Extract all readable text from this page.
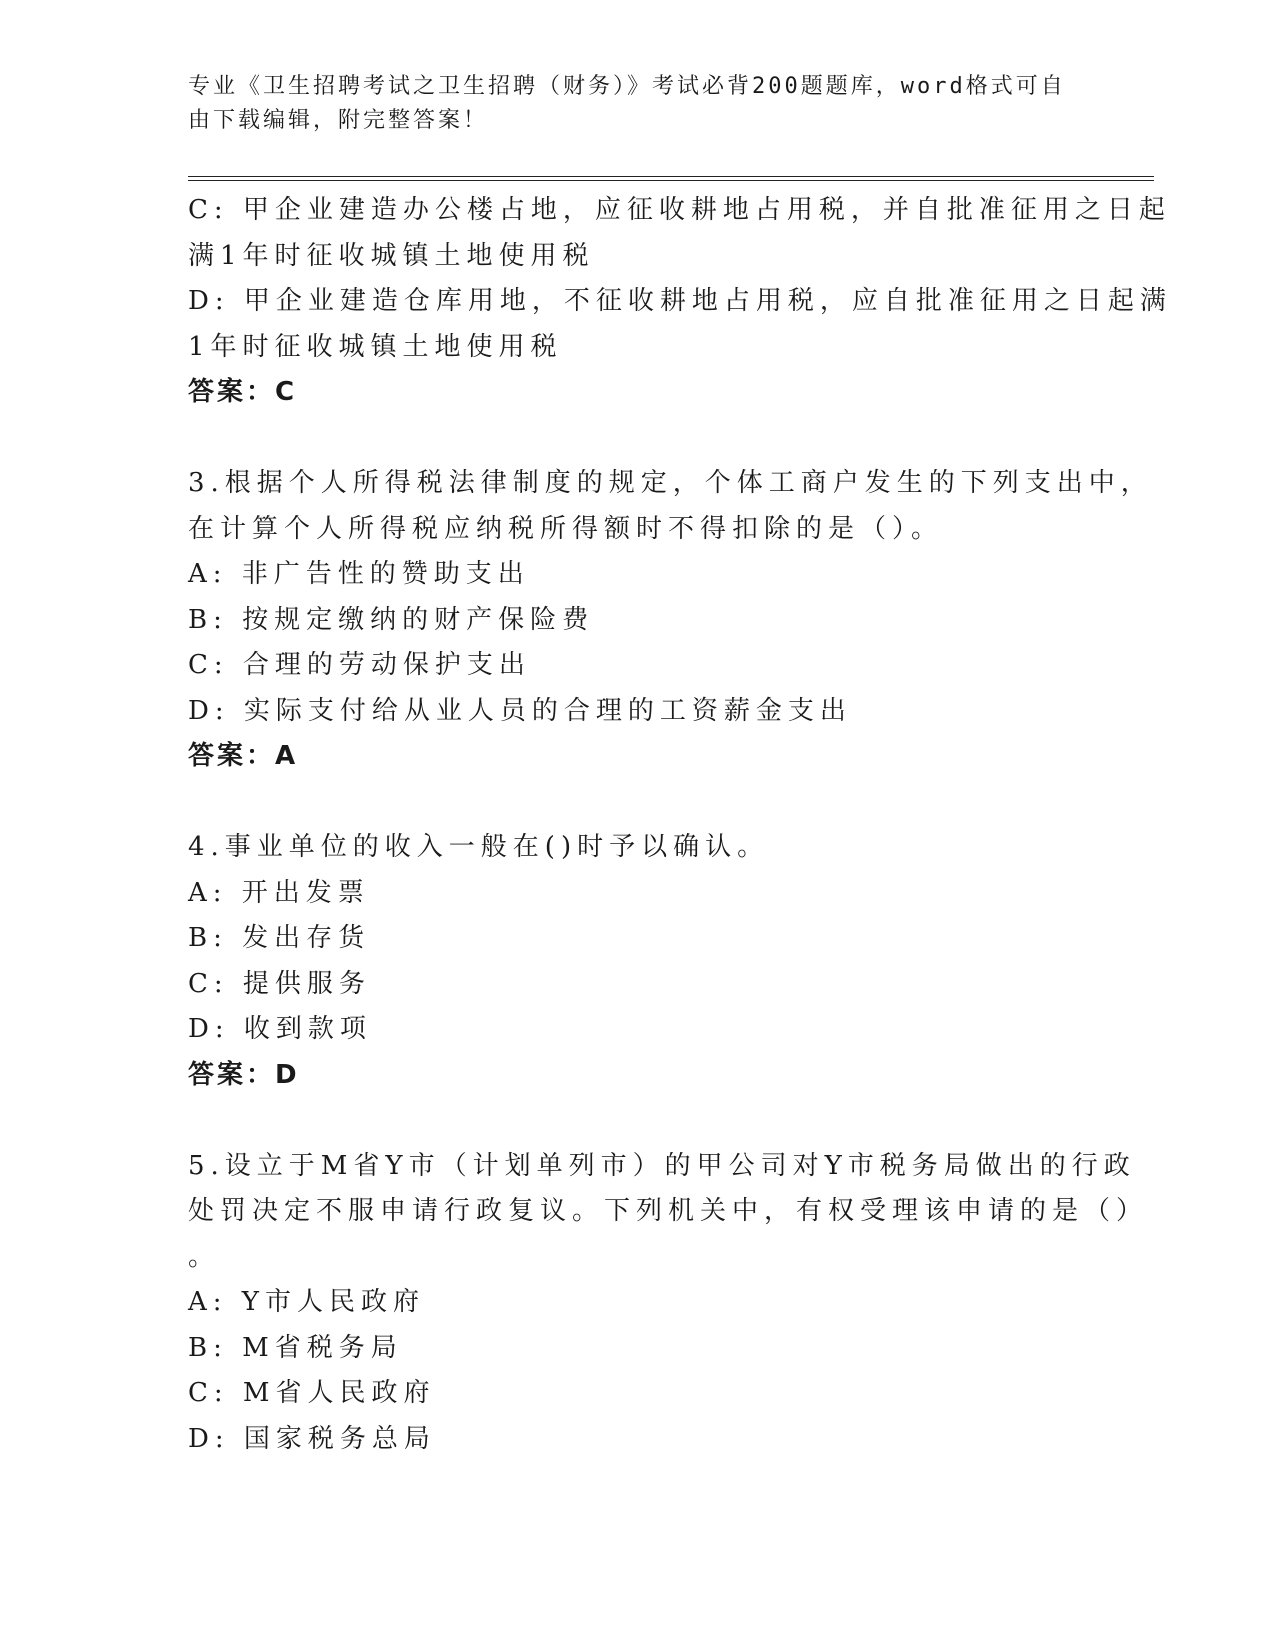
专业《卫生招聘考试之卫生招聘（财务）》考试必背200题题库，word格式可自
由下载编辑，附完整答案！
C: 甲企业建造办公楼占地，应征收耕地占用税，并自批准征用之日起
满1年时征收城镇土地使用税
D: 甲企业建造仓库用地，不征收耕地占用税，应自批准征用之日起满
1年时征收城镇土地使用税
答案：C
3.根据个人所得税法律制度的规定，个体工商户发生的下列支出中，
在计算个人所得税应纳税所得额时不得扣除的是（）。
A: 非广告性的赞助支出
B: 按规定缴纳的财产保险费
C: 合理的劳动保护支出
D: 实际支付给从业人员的合理的工资薪金支出
答案：A
4.事业单位的收入一般在()时予以确认。
A: 开出发票
B: 发出存货
C: 提供服务
D: 收到款项
答案：D
5.设立于M省Y市（计划单列市）的甲公司对Y市税务局做出的行政
处罚决定不服申请行政复议。下列机关中，有权受理该申请的是（）
。
A: Y市人民政府
B: M省税务局
C: M省人民政府
D: 国家税务总局
